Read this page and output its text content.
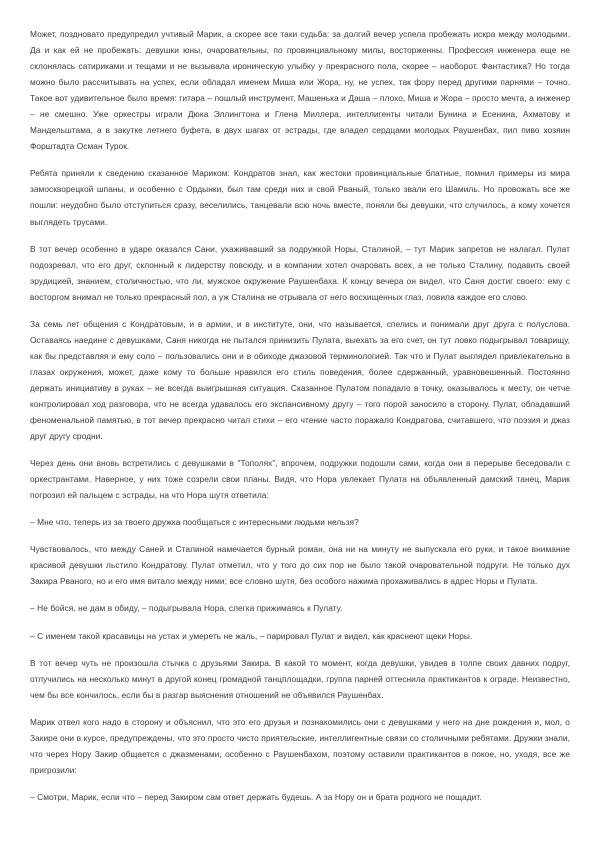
Может, поздновато предупредил учтивый Марик, а скорее все таки судьба: за долгий вечер успела пробежать искра между молодыми. Да и как ей не пробежать: девушки юны, очаровательны, по провинциальному милы, восторженны. Профессия инженера еще не склонялась сатириками и тещами и не вызывала ироническую улыбку у прекрасного пола, скорее – наоборот. Фантастика? Но тогда можно было рассчитывать на успех, если обладал именем Миша или Жора, ну, не успех, так фору перед другими парнями – точно. Такое вот удивительное было время: гитара – пошлый инструмент, Машенька и Даша – плохо, Миша и Жора – просто мечта, а инженер – не смешно. Уже оркестры играли Дюка Эллингтона и Глена Миллера, интеллигенты читали Бунина и Есенина, Ахматову и Мандельштама, а в закутке летнего буфета, в двух шагах от эстрады, где владел сердцами молодых Раушенбах, пил пиво хозяин Форштадта Осман Турок.

Ребята приняли к сведению сказанное Мариком: Кондратов знал, как жестоки провинциальные блатные, помнил примеры из мира замоскворецкой шпаны, и особенно с Ордынки, был там среди них и свой Рваный, только звали его Шамиль. Но провожать все же пошли: неудобно было отступиться сразу, веселились, танцевали всю ночь вместе, поняли бы девушки, что случилось, а кому хочется выглядеть трусами.

В тот вечер особенно в ударе оказался Сани, ухаживавший за подружкой Норы, Сталиной, – тут Марик запретов не налагал. Пулат подозревал, что его друг, склонный к лидерству повсюду, и в компании хотел очаровать всех, а не только Сталину, подавить своей эрудицией, знанием, столичностью, что ли, мужское окружение Раушенбаха. К концу вечера он видел, что Саня достиг своего: ему с восторгом внимал не только прекрасный пол, а уж Сталина не отрывала от него восхищенных глаз, ловила каждое его слово.

За семь лет общения с Кондратовым, и в армии, и в институте, они, что называется, спелись и понимали друг друга с полуслова. Оставаясь наедине с девушками, Саня никогда не пытался принизить Пулата, выехать за его счет, он тут ловко подыгрывал товарищу, как бы представляя и ему соло – пользовались они и в обиходе джазовой терминологией. Так что и Пулат выглядел привлекательно в глазах окружения, может, даже кому то больше нравился его стиль поведения, более сдержанный, уравновешенный. Постоянно держать инициативу в руках – не всегда выигрышная ситуация. Сказанное Пулатом попадало в точку, оказывалось к месту, он четче контролировал ход разговора, что не всегда удавалось его экспансивному другу – того порой заносило в сторону. Пулат, обладавший феноменальной памятью, в тот вечер прекрасно читал стихи – его чтение часто поражало Кондратова, считавшего, что поэзия и джаз друг другу сродни.

Через день они вновь встретились с девушками в "Тополях", впрочем, подружки подошли сами, когда они в перерыве беседовали с оркестрантами. Наверное, у них тоже созрели свои планы. Видя, что Нора увлекает Пулата на объявленный дамский танец, Марик погрозил ей пальцем с эстрады, на что Нора шутя ответила:

– Мне что, теперь из за твоего дружка пообщаться с интересными людьми нельзя?

Чувствовалось, что между Саней и Сталиной намечается бурный роман, она ни на минуту не выпускала его руки, и такое внимание красивой девушки льстило Кондратову. Пулат отметил, что у того до сих пор не было такой очаровательной подруги. Не только дух Закира Рваного, но и его имя витало между ними; все словно шутя, без особого нажима прохаживались в адрес Норы и Пулата.

– Не бойся, не дам в обиду, – подыгрывала Нора, слегка прижимаясь к Пулату.

– С именем такой красавицы на устах и умереть не жаль, – парировал Пулат и видел, как краснеют щеки Норы.

В тот вечер чуть не произошла стычка с друзьями Закира. В какой то момент, когда девушки, увидев в толпе своих давних подруг, отлучились на несколько минут в другой конец громадной танцплощадки, группа парней оттеснила практикантов к ограде. Неизвестно, чем бы все кончилось, если бы в разгар выяснения отношений не объявился Раушенбах.

Марик отвел кого надо в сторону и объяснил, что это его друзья и познакомились они с девушками у него на дне рождения и, мол, о Закире они в курсе, предупреждены, что это просто чисто приятельские, интеллигентные связи со столичными ребятами. Дружки знали, что через Нору Закир общается с джазменами, особенно с Раушенбахом, поэтому оставили практикантов в покое, но, уходя, все же пригрозили:

– Смотри, Марик, если что – перед Закиром сам ответ держать будешь. А за Нору он и брата родного не пощадит.
